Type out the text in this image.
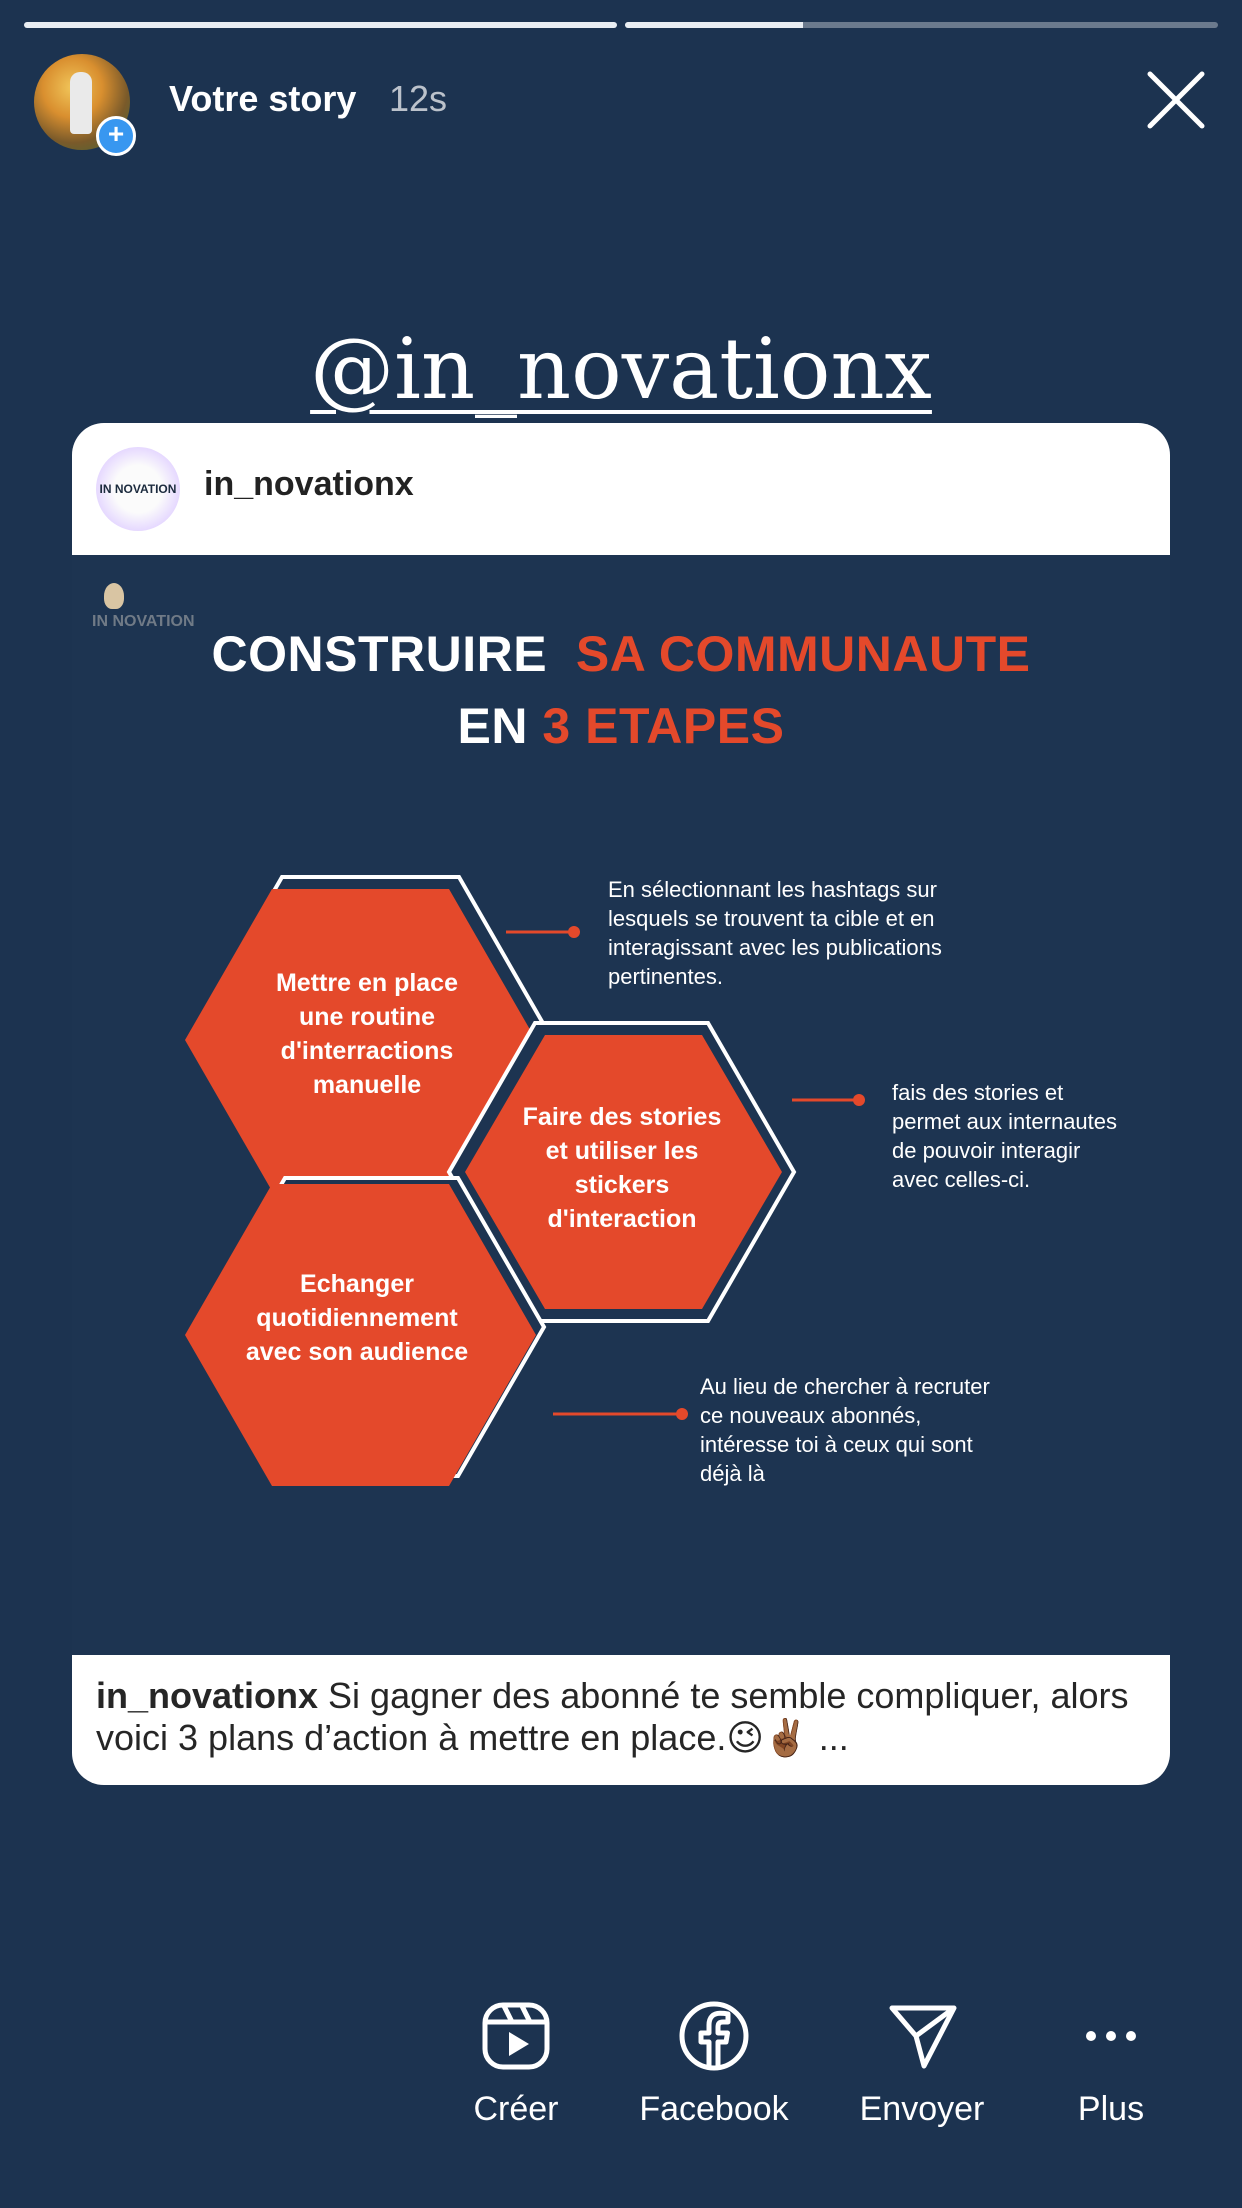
+
Votre story 12s
@in_novationx
IN NOVATION in_novationx
IN NOVATION
CONSTRUIRE SA COMMUNAUTE
EN 3 ETAPES
Mettre en place une routine d'interractions manuelle
Faire des stories et utiliser les stickers d'interaction
Echanger quotidiennement avec son audience
En sélectionnant les hashtags sur lesquels se trouvent ta cible et en interagissant avec les publications pertinentes.
fais des stories et permet aux internautes de pouvoir interagir avec celles-ci.
Au lieu de chercher à recruter ce nouveaux abonnés, intéresse toi à ceux qui sont déjà là
in_novationx Si gagner des abonné te semble compliquer, alors voici 3 plans d’action à mettre en place.😉✌🏾 ...
Créer	Facebook	Envoyer	Plus
